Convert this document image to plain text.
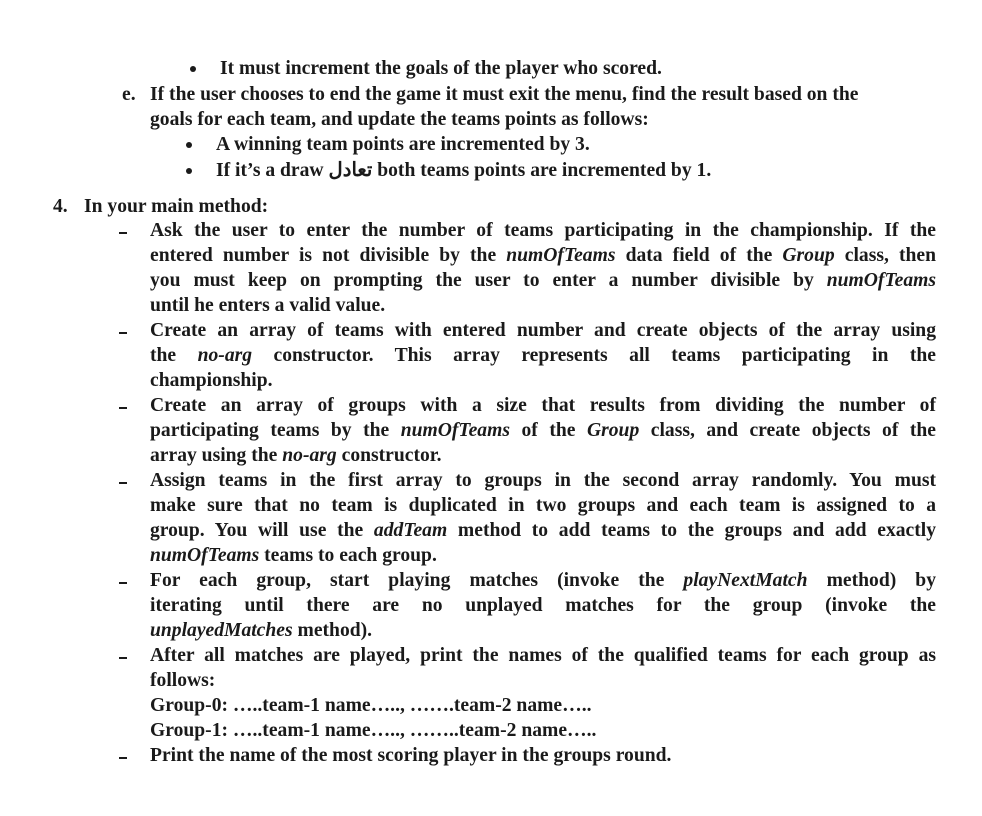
It must increment the goals of the player who scored.
e. If the user chooses to end the game it must exit the menu, find the result based on the
goals for each team, and update the teams points as follows:
A winning team points are incremented by 3.
If it’s a draw تعادل both teams points are incremented by 1.
4. In your main method:
Ask the user to enter the number of teams participating in the championship. If the
entered number is not divisible by the numOfTeams data field of the Group class, then
you must keep on prompting the user to enter a number divisible by numOfTeams
until he enters a valid value.
Create an array of teams with entered number and create objects of the array using
the no-arg constructor. This array represents all teams participating in the
championship.
Create an array of groups with a size that results from dividing the number of
participating teams by the numOfTeams of the Group class, and create objects of the
array using the no-arg constructor.
Assign teams in the first array to groups in the second array randomly. You must
make sure that no team is duplicated in two groups and each team is assigned to a
group. You will use the addTeam method to add teams to the groups and add exactly
numOfTeams teams to each group.
For each group, start playing matches (invoke the playNextMatch method) by
iterating until there are no unplayed matches for the group (invoke the
unplayedMatches method).
After all matches are played, print the names of the qualified teams for each group as
follows:
Group-0: …..team-1 name….., …….team-2 name…..
Group-1: …..team-1 name….., ……..team-2 name…..
Print the name of the most scoring player in the groups round.
